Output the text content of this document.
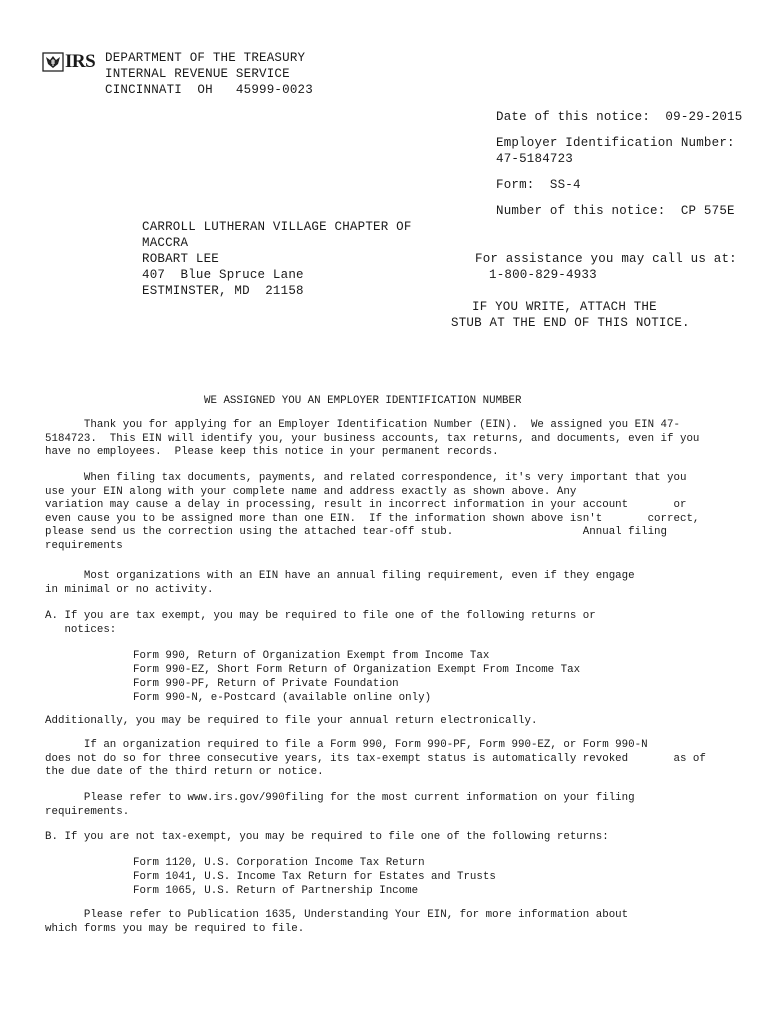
IRS DEPARTMENT OF THE TREASURY
INTERNAL REVENUE SERVICE
CINCINNATI  OH   45999-0023
Date of this notice:  09-29-2015
Employer Identification Number:
47-5184723
Form:  SS-4
Number of this notice:  CP 575E
CARROLL LUTHERAN VILLAGE CHAPTER OF
MACCRA
ROBART LEE
407  Blue Spruce Lane
ESTMINSTER, MD  21158
For assistance you may call us at:
1-800-829-4933
IF YOU WRITE, ATTACH THE
STUB AT THE END OF THIS NOTICE.
WE ASSIGNED YOU AN EMPLOYER IDENTIFICATION NUMBER
Thank you for applying for an Employer Identification Number (EIN).  We assigned you EIN 47-
5184723.  This EIN will identify you, your business accounts, tax returns, and documents, even if you
have no employees.  Please keep this notice in your permanent records.
When filing tax documents, payments, and related correspondence, it's very important that you
use your EIN along with your complete name and address exactly as shown above. Any
variation may cause a delay in processing, result in incorrect information in your account       or
even cause you to be assigned more than one EIN.  If the information shown above isn't       correct,
please send us the correction using the attached tear-off stub.                    Annual filing
requirements
Most organizations with an EIN have an annual filing requirement, even if they engage
in minimal or no activity.
A. If you are tax exempt, you may be required to file one of the following returns or
notices:
Form 990, Return of Organization Exempt from Income Tax
Form 990-EZ, Short Form Return of Organization Exempt From Income Tax
Form 990-PF, Return of Private Foundation
Form 990-N, e-Postcard (available online only)
Additionally, you may be required to file your annual return electronically.
If an organization required to file a Form 990, Form 990-PF, Form 990-EZ, or Form 990-N
does not do so for three consecutive years, its tax-exempt status is automatically revoked       as of
the due date of the third return or notice.
Please refer to www.irs.gov/990filing for the most current information on your filing
requirements.
B. If you are not tax-exempt, you may be required to file one of the following returns:
Form 1120, U.S. Corporation Income Tax Return
Form 1041, U.S. Income Tax Return for Estates and Trusts
Form 1065, U.S. Return of Partnership Income
Please refer to Publication 1635, Understanding Your EIN, for more information about
which forms you may be required to file.
